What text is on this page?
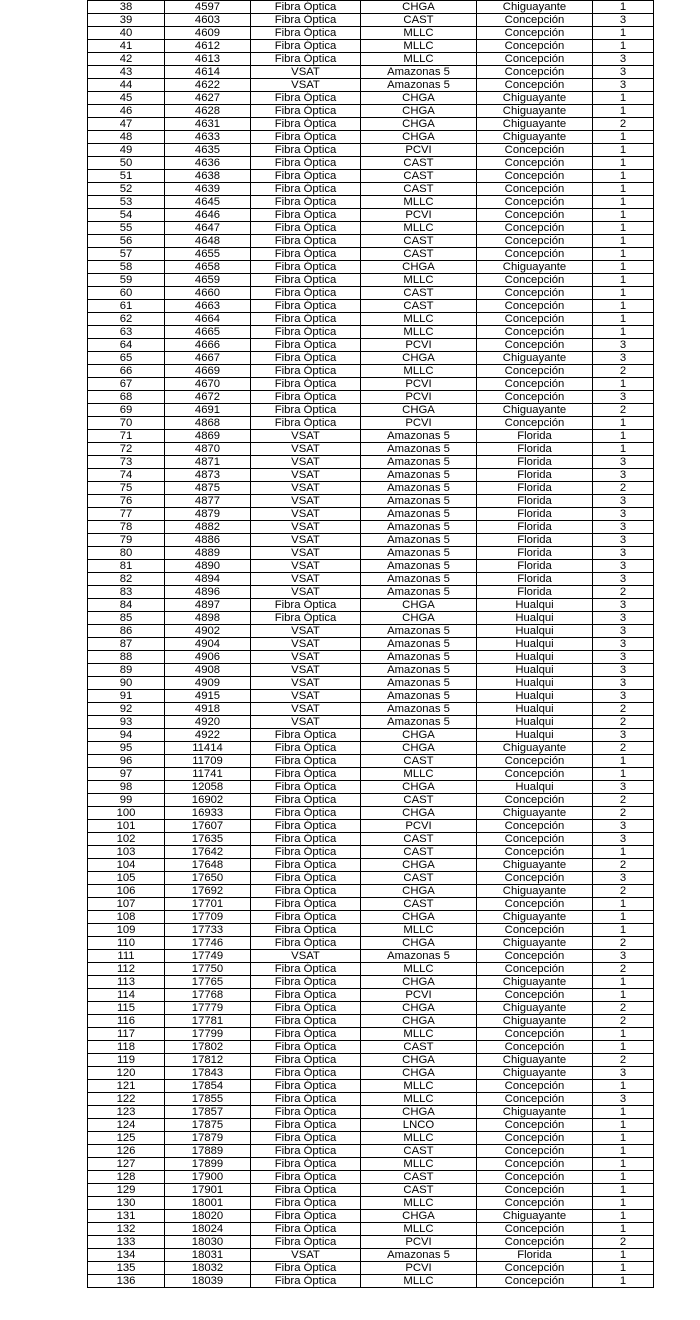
38	4597	Fibra Óptica	CHGA	Chiguayante	1
39	4603	Fibra Óptica	CAST	Concepción	3
40	4609	Fibra Óptica	MLLC	Concepción	1
41	4612	Fibra Óptica	MLLC	Concepción	1
42	4613	Fibra Óptica	MLLC	Concepción	3
43	4614	VSAT	Amazonas 5	Concepción	3
44	4622	VSAT	Amazonas 5	Concepción	3
45	4627	Fibra Óptica	CHGA	Chiguayante	1
46	4628	Fibra Óptica	CHGA	Chiguayante	1
47	4631	Fibra Óptica	CHGA	Chiguayante	2
48	4633	Fibra Óptica	CHGA	Chiguayante	1
49	4635	Fibra Óptica	PCVI	Concepción	1
50	4636	Fibra Óptica	CAST	Concepción	1
51	4638	Fibra Óptica	CAST	Concepción	1
52	4639	Fibra Óptica	CAST	Concepción	1
53	4645	Fibra Óptica	MLLC	Concepción	1
54	4646	Fibra Óptica	PCVI	Concepción	1
55	4647	Fibra Óptica	MLLC	Concepción	1
56	4648	Fibra Óptica	CAST	Concepción	1
57	4655	Fibra Óptica	CAST	Concepción	1
58	4658	Fibra Óptica	CHGA	Chiguayante	1
59	4659	Fibra Óptica	MLLC	Concepción	1
60	4660	Fibra Óptica	CAST	Concepción	1
61	4663	Fibra Óptica	CAST	Concepción	1
62	4664	Fibra Óptica	MLLC	Concepción	1
63	4665	Fibra Óptica	MLLC	Concepción	1
64	4666	Fibra Óptica	PCVI	Concepción	3
65	4667	Fibra Óptica	CHGA	Chiguayante	3
66	4669	Fibra Óptica	MLLC	Concepción	2
67	4670	Fibra Óptica	PCVI	Concepción	1
68	4672	Fibra Óptica	PCVI	Concepción	3
69	4691	Fibra Óptica	CHGA	Chiguayante	2
70	4868	Fibra Óptica	PCVI	Concepción	1
71	4869	VSAT	Amazonas 5	Florida	1
72	4870	VSAT	Amazonas 5	Florida	1
73	4871	VSAT	Amazonas 5	Florida	3
74	4873	VSAT	Amazonas 5	Florida	3
75	4875	VSAT	Amazonas 5	Florida	2
76	4877	VSAT	Amazonas 5	Florida	3
77	4879	VSAT	Amazonas 5	Florida	3
78	4882	VSAT	Amazonas 5	Florida	3
79	4886	VSAT	Amazonas 5	Florida	3
80	4889	VSAT	Amazonas 5	Florida	3
81	4890	VSAT	Amazonas 5	Florida	3
82	4894	VSAT	Amazonas 5	Florida	3
83	4896	VSAT	Amazonas 5	Florida	2
84	4897	Fibra Óptica	CHGA	Hualqui	3
85	4898	Fibra Óptica	CHGA	Hualqui	3
86	4902	VSAT	Amazonas 5	Hualqui	3
87	4904	VSAT	Amazonas 5	Hualqui	3
88	4906	VSAT	Amazonas 5	Hualqui	3
89	4908	VSAT	Amazonas 5	Hualqui	3
90	4909	VSAT	Amazonas 5	Hualqui	3
91	4915	VSAT	Amazonas 5	Hualqui	3
92	4918	VSAT	Amazonas 5	Hualqui	2
93	4920	VSAT	Amazonas 5	Hualqui	2
94	4922	Fibra Óptica	CHGA	Hualqui	3
95	11414	Fibra Óptica	CHGA	Chiguayante	2
96	11709	Fibra Óptica	CAST	Concepción	1
97	11741	Fibra Óptica	MLLC	Concepción	1
98	12058	Fibra Óptica	CHGA	Hualqui	3
99	16902	Fibra Óptica	CAST	Concepción	2
100	16933	Fibra Óptica	CHGA	Chiguayante	2
101	17607	Fibra Óptica	PCVI	Concepción	3
102	17635	Fibra Óptica	CAST	Concepción	3
103	17642	Fibra Óptica	CAST	Concepción	1
104	17648	Fibra Óptica	CHGA	Chiguayante	2
105	17650	Fibra Óptica	CAST	Concepción	3
106	17692	Fibra Óptica	CHGA	Chiguayante	2
107	17701	Fibra Óptica	CAST	Concepción	1
108	17709	Fibra Óptica	CHGA	Chiguayante	1
109	17733	Fibra Óptica	MLLC	Concepción	1
110	17746	Fibra Óptica	CHGA	Chiguayante	2
111	17749	VSAT	Amazonas 5	Concepción	3
112	17750	Fibra Óptica	MLLC	Concepción	2
113	17765	Fibra Óptica	CHGA	Chiguayante	1
114	17768	Fibra Óptica	PCVI	Concepción	1
115	17779	Fibra Óptica	CHGA	Chiguayante	2
116	17781	Fibra Óptica	CHGA	Chiguayante	2
117	17799	Fibra Óptica	MLLC	Concepción	1
118	17802	Fibra Óptica	CAST	Concepción	1
119	17812	Fibra Óptica	CHGA	Chiguayante	2
120	17843	Fibra Óptica	CHGA	Chiguayante	3
121	17854	Fibra Óptica	MLLC	Concepción	1
122	17855	Fibra Óptica	MLLC	Concepción	3
123	17857	Fibra Óptica	CHGA	Chiguayante	1
124	17875	Fibra Óptica	LNCO	Concepción	1
125	17879	Fibra Óptica	MLLC	Concepción	1
126	17889	Fibra Óptica	CAST	Concepción	1
127	17899	Fibra Óptica	MLLC	Concepción	1
128	17900	Fibra Óptica	CAST	Concepción	1
129	17901	Fibra Óptica	CAST	Concepción	1
130	18001	Fibra Óptica	MLLC	Concepción	1
131	18020	Fibra Óptica	CHGA	Chiguayante	1
132	18024	Fibra Óptica	MLLC	Concepción	1
133	18030	Fibra Óptica	PCVI	Concepción	2
134	18031	VSAT	Amazonas 5	Florida	1
135	18032	Fibra Óptica	PCVI	Concepción	1
136	18039	Fibra Óptica	MLLC	Concepción	1
